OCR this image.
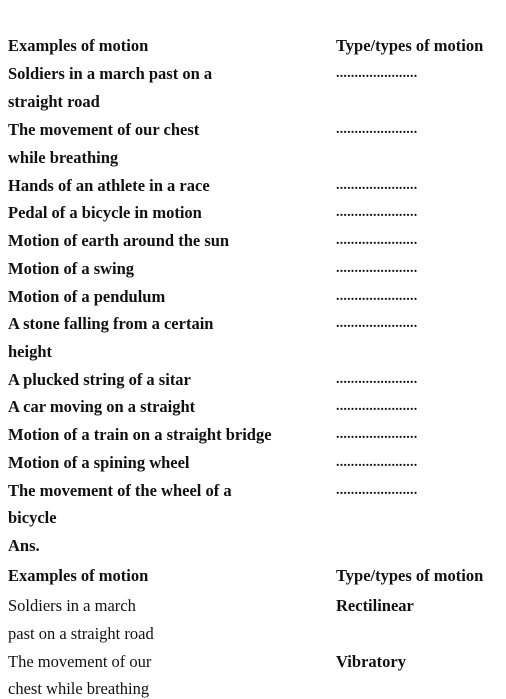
Examples of motion	Type/types of motion
Soldiers in a march past on a	......................
straight road
The movement of our chest	......................
while breathing
Hands of an athlete in a race	......................
Pedal of a bicycle in motion	......................
Motion of earth around the sun	......................
Motion of a swing	......................
Motion of a pendulum	......................
A stone falling from a certain	......................
height
A plucked string of a sitar	......................
A car moving on a straight	......................
Motion of a train on a straight bridge	......................
Motion of a spining wheel	......................
The movement of the wheel of a	......................
bicycle
Ans.
Examples of motion	Type/types of motion
Soldiers in a march	Rectilinear
past on a straight road
The movement of our	Vibratory
chest while breathing
